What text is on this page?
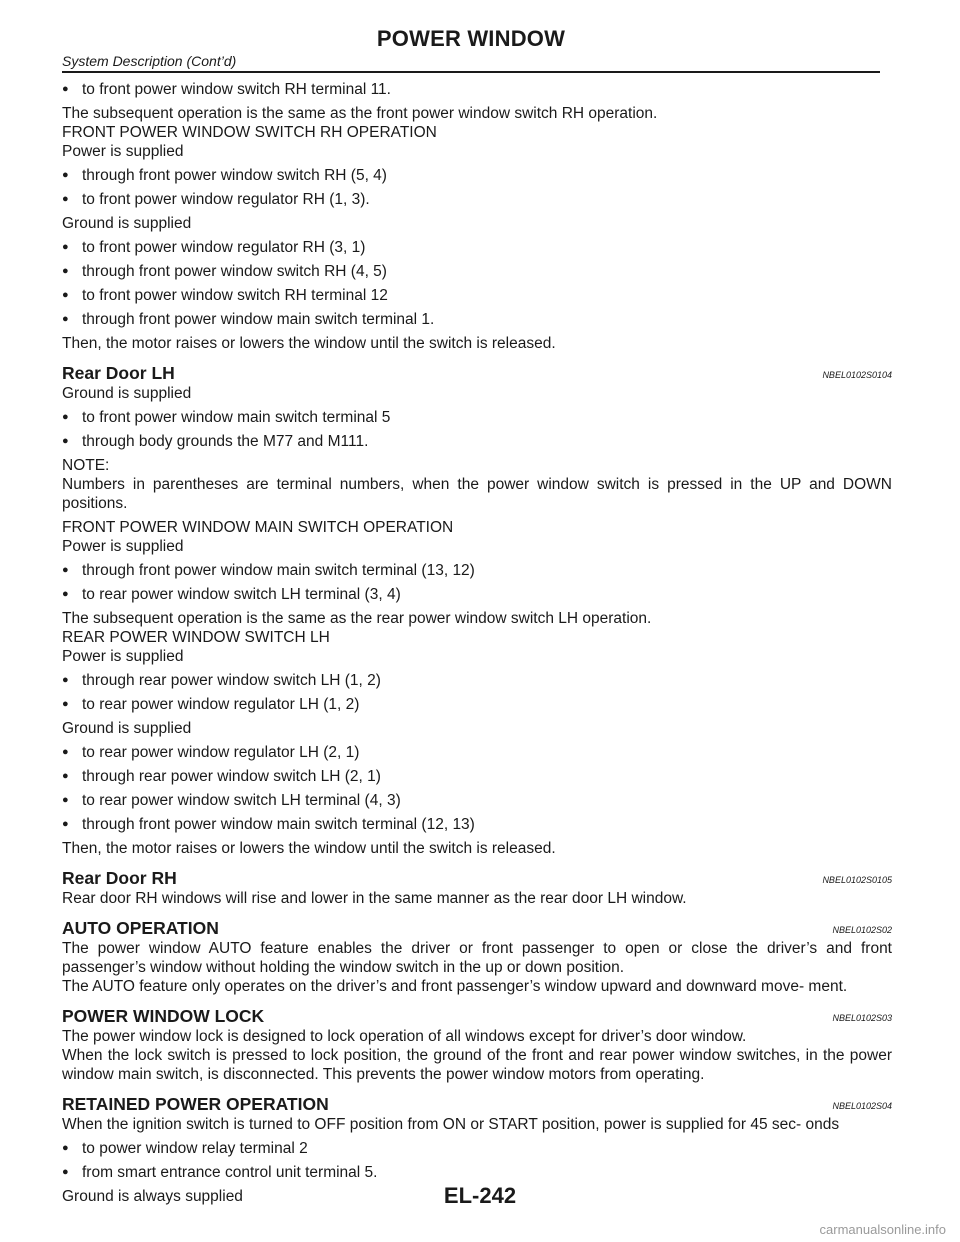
POWER WINDOW
System Description (Cont’d)
● to front power window switch RH terminal 11.
The subsequent operation is the same as the front power window switch RH operation.
FRONT POWER WINDOW SWITCH RH OPERATION
Power is supplied
● through front power window switch RH (5, 4)
● to front power window regulator RH (1, 3).
Ground is supplied
● to front power window regulator RH (3, 1)
● through front power window switch RH (4, 5)
● to front power window switch RH terminal 12
● through front power window main switch terminal 1.
Then, the motor raises or lowers the window until the switch is released.
Rear Door LH	NBEL0102S0104
Ground is supplied
● to front power window main switch terminal 5
● through body grounds the M77 and M111.
NOTE:
Numbers in parentheses are terminal numbers, when the power window switch is pressed in the UP and DOWN positions.
FRONT POWER WINDOW MAIN SWITCH OPERATION
Power is supplied
● through front power window main switch terminal (13, 12)
● to rear power window switch LH terminal (3, 4)
The subsequent operation is the same as the rear power window switch LH operation.
REAR POWER WINDOW SWITCH LH
Power is supplied
● through rear power window switch LH (1, 2)
● to rear power window regulator LH (1, 2)
Ground is supplied
● to rear power window regulator LH (2, 1)
● through rear power window switch LH (2, 1)
● to rear power window switch LH terminal (4, 3)
● through front power window main switch terminal (12, 13)
Then, the motor raises or lowers the window until the switch is released.
Rear Door RH	NBEL0102S0105
Rear door RH windows will rise and lower in the same manner as the rear door LH window.
AUTO OPERATION	NBEL0102S02
The power window AUTO feature enables the driver or front passenger to open or close the driver’s and front passenger’s window without holding the window switch in the up or down position.
The AUTO feature only operates on the driver’s and front passenger’s window upward and downward move- ment.
POWER WINDOW LOCK	NBEL0102S03
The power window lock is designed to lock operation of all windows except for driver’s door window.
When the lock switch is pressed to lock position, the ground of the front and rear power window switches, in the power window main switch, is disconnected. This prevents the power window motors from operating.
RETAINED POWER OPERATION	NBEL0102S04
When the ignition switch is turned to OFF position from ON or START position, power is supplied for 45 sec- onds
● to power window relay terminal 2
● from smart entrance control unit terminal 5.
Ground is always supplied	EL-242
carmanualsonline.info
